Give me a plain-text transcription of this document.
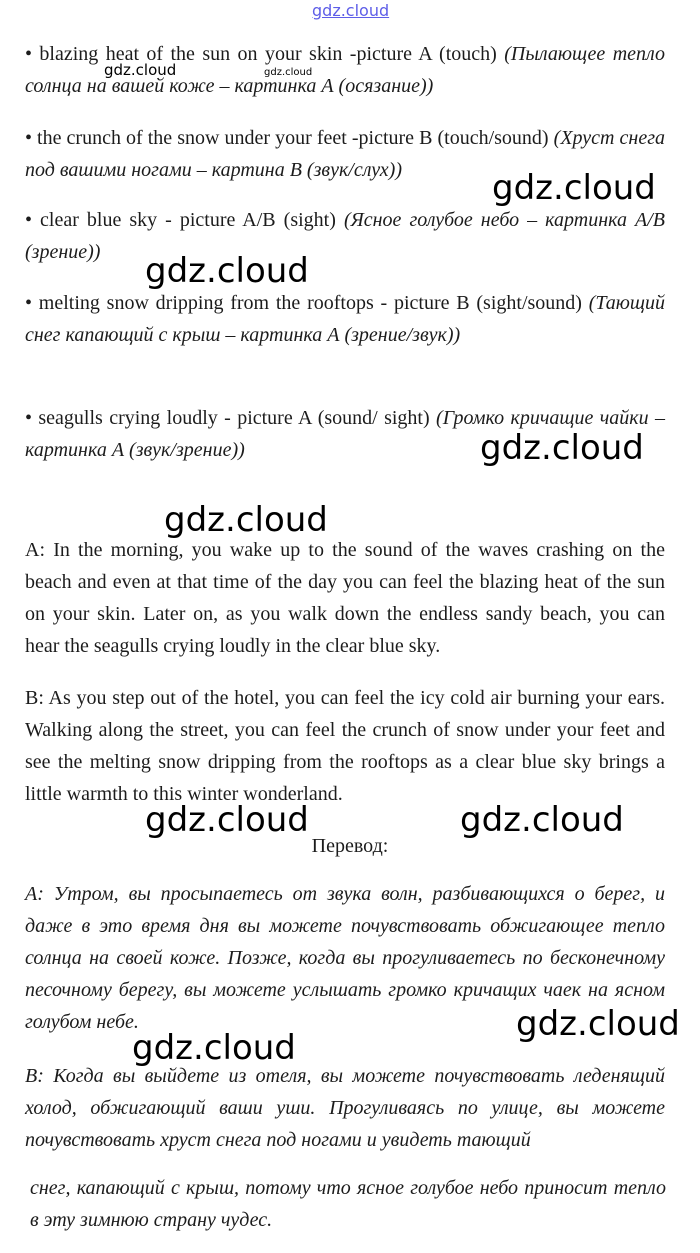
gdz.cloud
• blazing heat of the sun on your skin -picture A (touch) (Пылающее тепло солнца на вашей коже – картинка А (осязание))
• the crunch of the snow under your feet -picture B (touch/sound) (Хруст снега под вашими ногами – картина В (звук/слух))
• clear blue sky - picture A/B (sight) (Ясное голубое небо – картинка А/В (зрение))
• melting snow dripping from the rooftops - picture B (sight/sound) (Тающий снег капающий с крыш – картинка А (зрение/звук))
• seagulls crying loudly - picture A (sound/ sight) (Громко кричащие чайки – картинка А (звук/зрение))
A: In the morning, you wake up to the sound of the waves crashing on the beach and even at that time of the day you can feel the blazing heat of the sun on your skin. Later on, as you walk down the endless sandy beach, you can hear the seagulls crying loudly in the clear blue sky.
B: As you step out of the hotel, you can feel the icy cold air burning your ears. Walking along the street, you can feel the crunch of snow under your feet and see the melting snow dripping from the rooftops as a clear blue sky brings a little warmth to this winter wonderland.
Перевод:
А: Утром, вы просыпаетесь от звука волн, разбивающихся о берег, и даже в это время дня вы можете почувствовать обжигающее тепло солнца на своей коже. Позже, когда вы прогуливаетесь по бесконечному песочному берегу, вы можете услышать громко кричащих чаек на ясном голубом небе.
В: Когда вы выйдете из отеля, вы можете почувствовать леденящий холод, обжигающий ваши уши. Прогуливаясь по улице, вы можете почувствовать хруст снега под ногами и увидеть тающий
снег, капающий с крыш, потому что ясное голубое небо приносит тепло в эту зимнюю страну чудес.
gdz.cloud	gdz.cloud
gdz.cloud
gdz.cloud
gdz.cloud
gdz.cloud
gdz.cloud	gdz.cloud
gdz.cloud
gdz.cloud
